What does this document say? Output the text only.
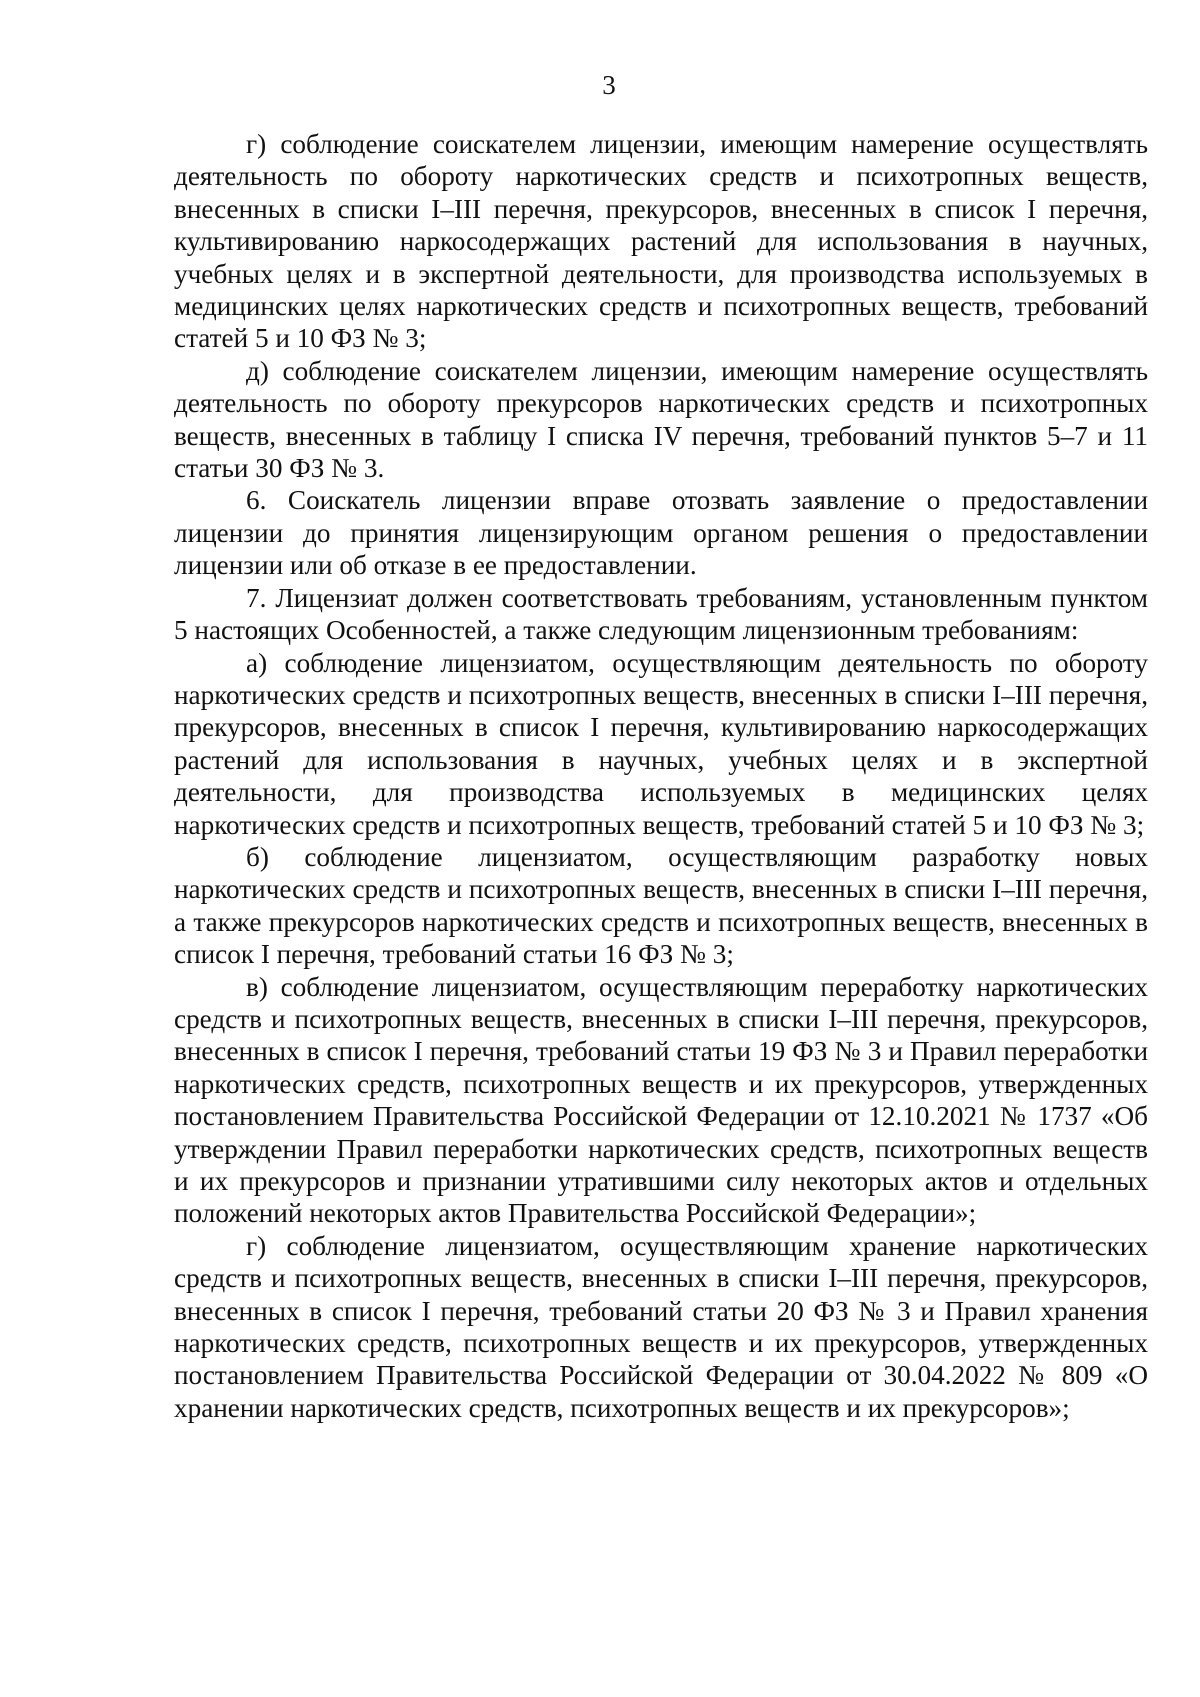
3

г) соблюдение соискателем лицензии, имеющим намерение осуществлять деятельность по обороту наркотических средств и психотропных веществ, внесенных в списки I–III перечня, прекурсоров, внесенных в список I перечня, культивированию наркосодержащих растений для использования в научных, учебных целях и в экспертной деятельности, для производства используемых в медицинских целях наркотических средств и психотропных веществ, требований статей 5 и 10 ФЗ № 3;

д) соблюдение соискателем лицензии, имеющим намерение осуществлять деятельность по обороту прекурсоров наркотических средств и психотропных веществ, внесенных в таблицу I списка IV перечня, требований пунктов 5–7 и 11 статьи 30 ФЗ № 3.

6. Соискатель лицензии вправе отозвать заявление о предоставлении лицензии до принятия лицензирующим органом решения о предоставлении лицензии или об отказе в ее предоставлении.

7. Лицензиат должен соответствовать требованиям, установленным пунктом 5 настоящих Особенностей, а также следующим лицензионным требованиям:

а) соблюдение лицензиатом, осуществляющим деятельность по обороту наркотических средств и психотропных веществ, внесенных в списки I–III перечня, прекурсоров, внесенных в список I перечня, культивированию наркосодержащих растений для использования в научных, учебных целях и в экспертной деятельности, для производства используемых в медицинских целях наркотических средств и психотропных веществ, требований статей 5 и 10 ФЗ № 3;

б) соблюдение лицензиатом, осуществляющим разработку новых наркотических средств и психотропных веществ, внесенных в списки I–III перечня, а также прекурсоров наркотических средств и психотропных веществ, внесенных в список I перечня, требований статьи 16 ФЗ № 3;

в) соблюдение лицензиатом, осуществляющим переработку наркотических средств и психотропных веществ, внесенных в списки I–III перечня, прекурсоров, внесенных в список I перечня, требований статьи 19 ФЗ № 3 и Правил переработки наркотических средств, психотропных веществ и их прекурсоров, утвержденных постановлением Правительства Российской Федерации от 12.10.2021 № 1737 «Об утверждении Правил переработки наркотических средств, психотропных веществ и их прекурсоров и признании утратившими силу некоторых актов и отдельных положений некоторых актов Правительства Российской Федерации»;

г) соблюдение лицензиатом, осуществляющим хранение наркотических средств и психотропных веществ, внесенных в списки I–III перечня, прекурсоров, внесенных в список I перечня, требований статьи 20 ФЗ № 3 и Правил хранения наркотических средств, психотропных веществ и их прекурсоров, утвержденных постановлением Правительства Российской Федерации от 30.04.2022 № 809 «О хранении наркотических средств, психотропных веществ и их прекурсоров»;
